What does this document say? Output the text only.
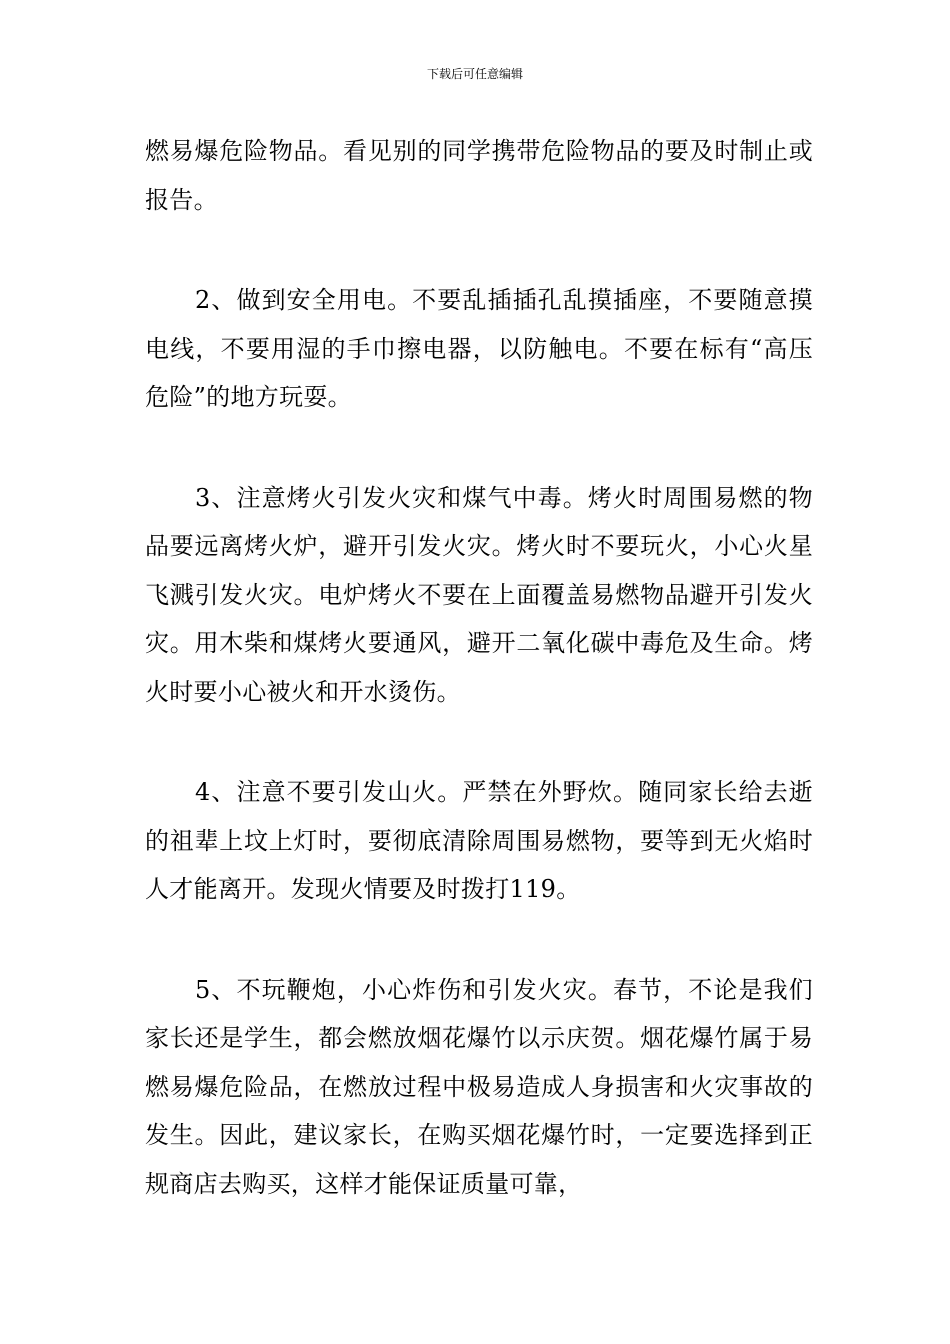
下载后可任意编辑

燃易爆危险物品。看见别的同学携带危险物品的要及时制止或报告。

2、做到安全用电。不要乱插插孔乱摸插座，不要随意摸电线，不要用湿的手巾擦电器，以防触电。不要在标有“高压危险”的地方玩耍。

3、注意烤火引发火灾和煤气中毒。烤火时周围易燃的物品要远离烤火炉，避开引发火灾。烤火时不要玩火，小心火星飞溅引发火灾。电炉烤火不要在上面覆盖易燃物品避开引发火灾。用木柴和煤烤火要通风，避开二氧化碳中毒危及生命。烤火时要小心被火和开水烫伤。

4、注意不要引发山火。严禁在外野炊。随同家长给去逝的祖辈上坟上灯时，要彻底清除周围易燃物，要等到无火焰时人才能离开。发现火情要及时拨打119。

5、不玩鞭炮，小心炸伤和引发火灾。春节，不论是我们家长还是学生，都会燃放烟花爆竹以示庆贺。烟花爆竹属于易燃易爆危险品，在燃放过程中极易造成人身损害和火灾事故的发生。因此，建议家长，在购买烟花爆竹时，一定要选择到正规商店去购买，这样才能保证质量可靠，
